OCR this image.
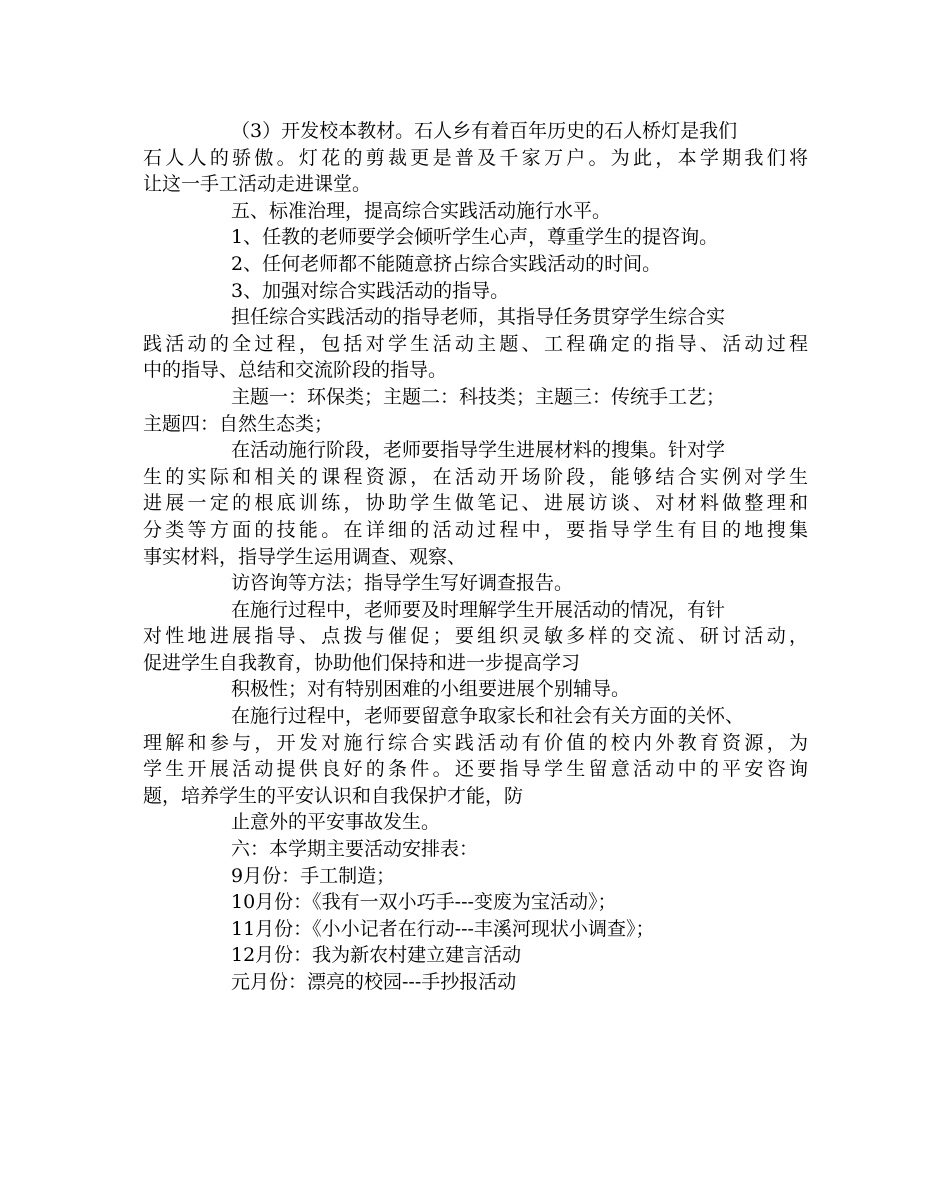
（3）开发校本教材。石人乡有着百年历史的石人桥灯是我们
石人人的骄傲。灯花的剪裁更是普及千家万户。为此，本学期我们将
让这一手工活动走进课堂。
五、标准治理，提高综合实践活动施行水平。
1、任教的老师要学会倾听学生心声，尊重学生的提咨询。
2、任何老师都不能随意挤占综合实践活动的时间。
3、加强对综合实践活动的指导。
担任综合实践活动的指导老师，其指导任务贯穿学生综合实
践活动的全过程，包括对学生活动主题、工程确定的指导、活动过程
中的指导、总结和交流阶段的指导。
主题一：环保类；主题二：科技类；主题三：传统手工艺；
主题四：自然生态类；
在活动施行阶段，老师要指导学生进展材料的搜集。针对学
生的实际和相关的课程资源，在活动开场阶段，能够结合实例对学生
进展一定的根底训练，协助学生做笔记、进展访谈、对材料做整理和
分类等方面的技能。在详细的活动过程中，要指导学生有目的地搜集
事实材料，指导学生运用调查、观察、
访咨询等方法；指导学生写好调查报告。
在施行过程中，老师要及时理解学生开展活动的情况，有针
对性地进展指导、点拨与催促；要组织灵敏多样的交流、研讨活动，
促进学生自我教育，协助他们保持和进一步提高学习
积极性；对有特别困难的小组要进展个别辅导。
在施行过程中，老师要留意争取家长和社会有关方面的关怀、
理解和参与，开发对施行综合实践活动有价值的校内外教育资源，为
学生开展活动提供良好的条件。还要指导学生留意活动中的平安咨询
题，培养学生的平安认识和自我保护才能，防
止意外的平安事故发生。
六：本学期主要活动安排表：
9月份：手工制造；
10月份：《我有一双小巧手---变废为宝活动》；
11月份：《小小记者在行动---丰溪河现状小调查》；
12月份：我为新农村建立建言活动
元月份：漂亮的校园---手抄报活动
